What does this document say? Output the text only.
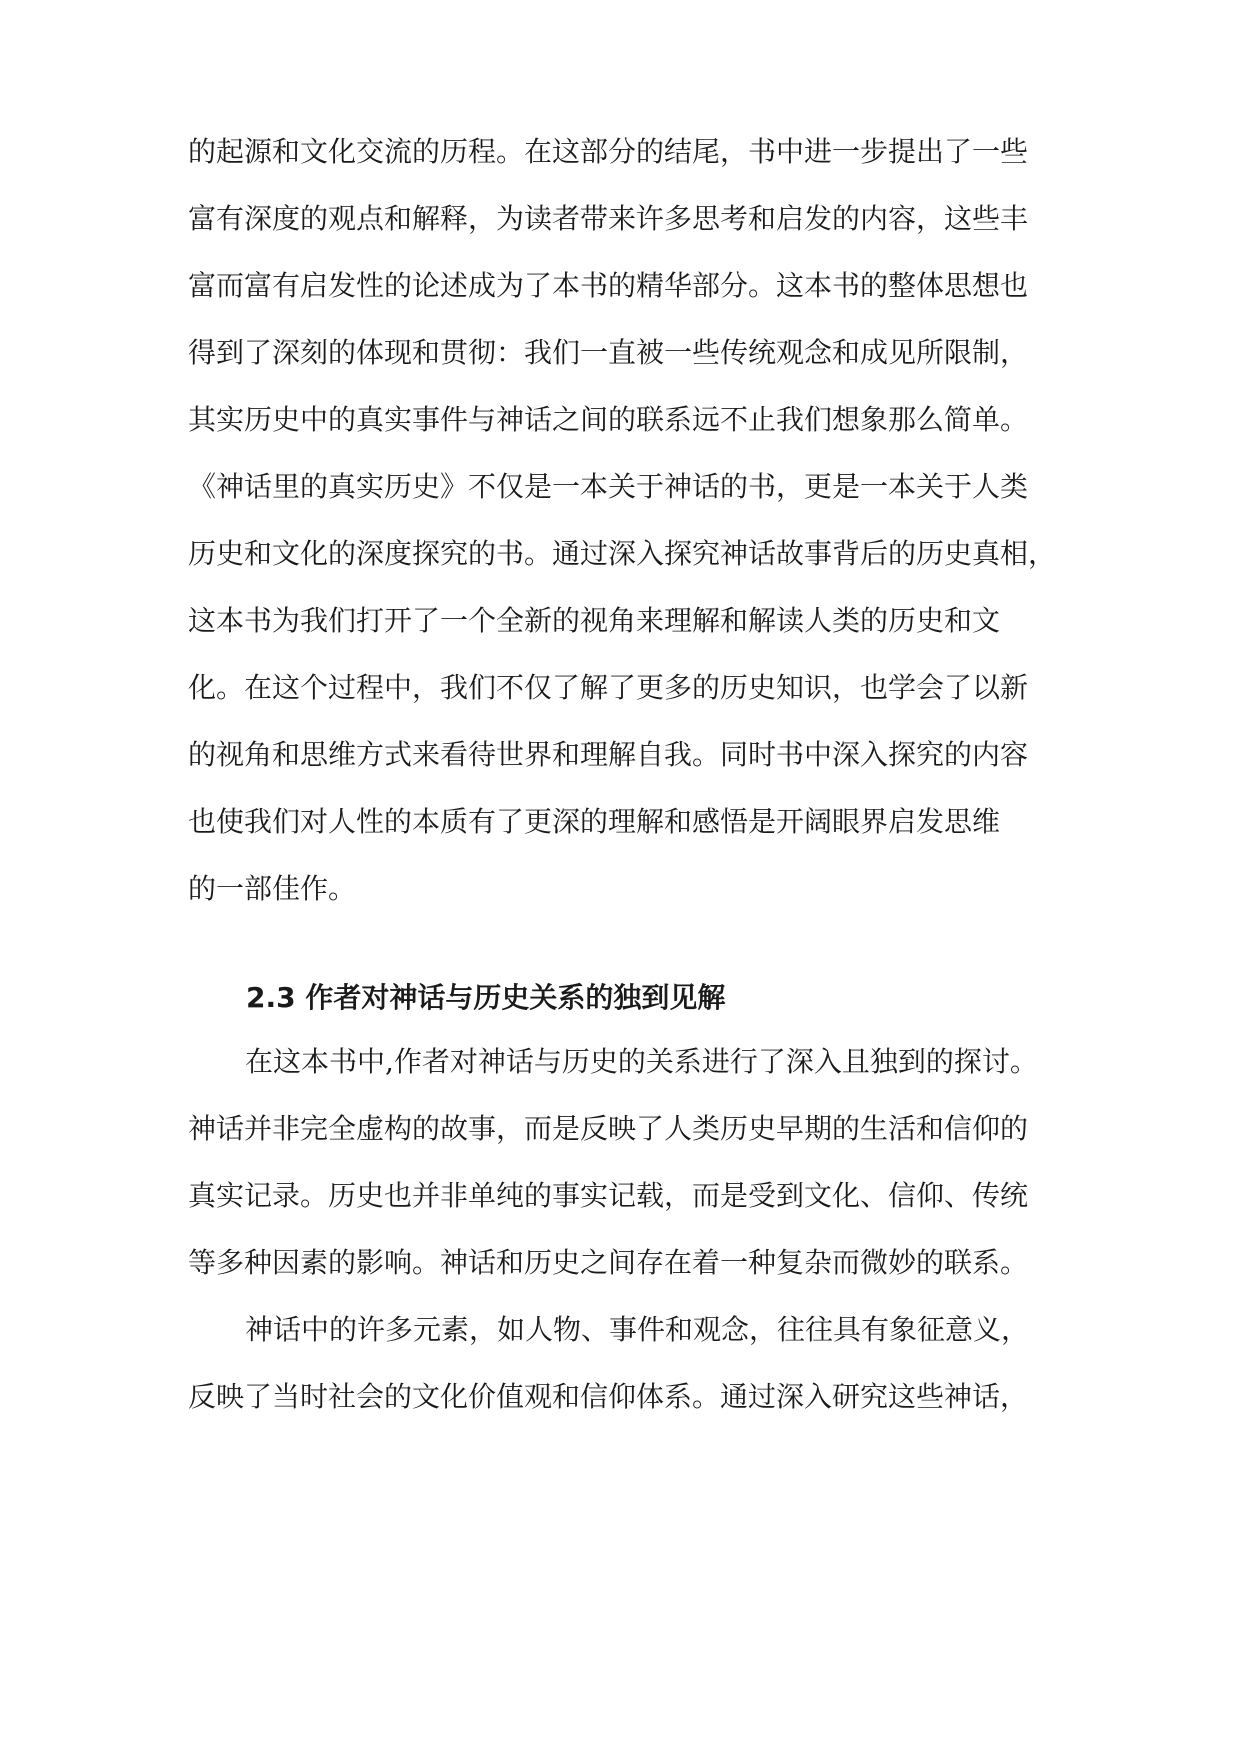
的起源和文化交流的历程。在这部分的结尾，书中进一步提出了一些

富有深度的观点和解释，为读者带来许多思考和启发的内容，这些丰

富而富有启发性的论述成为了本书的精华部分。这本书的整体思想也

得到了深刻的体现和贯彻：我们一直被一些传统观念和成见所限制，

其实历史中的真实事件与神话之间的联系远不止我们想象那么简单。

《神话里的真实历史》不仅是一本关于神话的书，更是一本关于人类

历史和文化的深度探究的书。通过深入探究神话故事背后的历史真相，

这本书为我们打开了一个全新的视角来理解和解读人类的历史和文

化。在这个过程中，我们不仅了解了更多的历史知识，也学会了以新

的视角和思维方式来看待世界和理解自我。同时书中深入探究的内容

也使我们对人性的本质有了更深的理解和感悟是开阔眼界启发思维

的一部佳作。

2.3 作者对神话与历史关系的独到见解

在这本书中,作者对神话与历史的关系进行了深入且独到的探讨。

神话并非完全虚构的故事，而是反映了人类历史早期的生活和信仰的

真实记录。历史也并非单纯的事实记载，而是受到文化、信仰、传统

等多种因素的影响。神话和历史之间存在着一种复杂而微妙的联系。

神话中的许多元素，如人物、事件和观念，往往具有象征意义，

反映了当时社会的文化价值观和信仰体系。通过深入研究这些神话，
